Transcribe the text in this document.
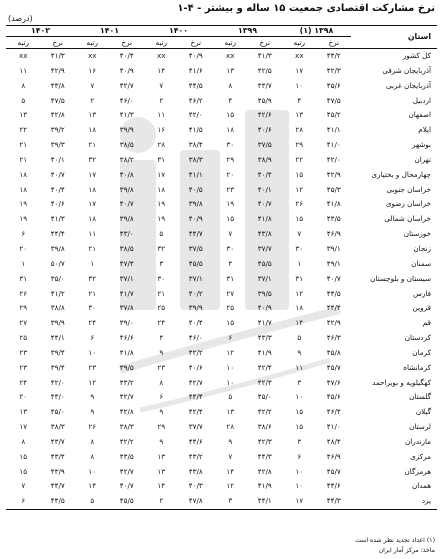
۱-۴ - نرخ مشارکت اقتصادی جمعیت ۱۵ ساله و بیشتر
(درصد)
استان	۱۳۹۸ (۱)		۱۳۹۹		۱۴۰۰		۱۴۰۱		۱۴۰۲	
	نرخ	رتبه	نرخ	رتبه	نرخ	رتبه	نرخ	رتبه	نرخ	رتبه
کل کشور	۴۴/۲	xx	۴۱/۳	xx	۴۰/۹	xx	۴۰/۴	xx	۴۱/۳	xx
آذربایجان شرقی	۴۲/۳	۱۷	۴۲/۵	۱۳	۴۱/۶	۱۴	۴۰/۹	۱۶	۴۲/۹	۱۱
آذربایجان غربی	۴۵/۶	۱۰	۴۳/۷	۸	۴۴/۵	۷	۴۲/۷	۷	۴۳/۸	۸
اردبیل	۴۷/۵	۴	۴۵/۹	۴	۴۶/۲	۲	۴۶/۰	۲	۴۷/۵	۵
اصفهان	۴۵/۲	۱۳	۴۲/۶	۱۵	۴۲/۰	۱۱	۴۱/۳	۱۳	۴۲/۸	۱۳
ایلام	۴۱/۱	۲۸	۴۰/۶	۱۸	۴۱/۵	۱۶	۳۹/۹	۱۸	۳۹/۲	۲۲
بوشهر	۴۱/۰	۲۹	۳۷/۵	۳۰	۳۸/۴	۲۸	۳۸/۵	۲۱	۳۹/۳	۲۱
تهران	۴۲/۰	۲۲	۳۸/۹	۲۹	۳۸/۳	۳۱	۳۸/۲	۳۲	۴۰/۱	۲۱
چهارمحال و بختیاری	۴۲/۹	۱۵	۴۰/۴	۲۰	۴۱/۱	۱۷	۴۰/۸	۱۷	۴۰/۷	۱۸
خراسان جنوبی	۴۵/۳	۱۲	۴۰/۱	۲۳	۴۰/۵	۱۸	۳۹/۸	۱۸	۴۰/۴	۱۸
خراسان رضوی	۴۱/۸	۲۶	۴۰/۷	۱۹	۳۹/۸	۱۹	۴۰/۷	۱۷	۴۰/۶	۱۹
خراسان شمالی	۴۳/۵	۱۵	۴۱/۸	۱۵	۴۰/۹	۱۹	۳۹/۸	۱۸	۴۱/۳	۱۹
خوزستان	۴۶/۹	۷	۴۳/۸	۷	۴۴/۷	۵	۴۳/۰	۱۱	۴۴/۴	۶
زنجان	۳۹/۱	۳۰	۳۷/۷	۳۰	۳۷/۵	۳۲	۳۸/۵	۲۱	۳۹/۸	۲۰
سمنان	۴۹/۱	۱	۴۵/۵	۴	۴۵/۵	۳	۴۷/۴	۱	۵۰/۷	۱
سیستان و بلوچستان	۴۰/۷	۳۱	۳۷/۱	۳۱	۳۷/۱	۳۰	۳۷/۱	۳۲	۳۵/۰	۳۱
فارس	۴۴/۵	۱۲	۳۹/۵	۲۷	۴۰/۲	۲۱	۴۱/۷	۲۱	۴۱/۲	۲۶
قزوین	۴۴/۴	۱۸	۴۰/۹	۲۵	۳۹/۹	۲۵	۳۷/۸	۳۰	۳۸/۸	۲۹
قم	۴۲/۹	۱۴	۴۱/۷	۱۵	۴۰/۴	۲۴	۳۹/۰	۲۴	۳۹/۹	۲۷
کردستان	۴۶/۳	۵	۴۳/۳	۶	۴۶/۰	۴	۴۶/۶	۶	۴۴/۱	۲۵
کرمان	۴۵/۸	۹	۴۱/۹	۱۲	۴۲/۲	۹	۴۱/۸	۱۰	۳۹/۴	۲۳
کرمانشاه	۴۵/۷	۱۱	۴۲/۴	۱۰	۴۰/۶	۲۳	۳۹/۵	۲۳	۳۹/۴	۲۳
کهگیلویه و بویراحمد	۴۷/۶	۳	۴۲/۳	۱۰	۴۲/۷	۸	۴۳/۲	۱۲	۴۲/۰	۲۴
گلستان	۴۵/۶	۱۰	۴۵/۰	۵	۴۴/۴	۶	۴۲/۷	۹	۴۳/۰	۲۰
گیلان	۴۶/۴	۱۵	۴۲/۲	۱۳	۴۲/۴	۹	۴۲/۸	۹	۴۵/۰	۱۳
لرستان	۴۱/۰	۱۵	۳۸/۶	۲۸	۳۷/۷	۲۹	۳۸/۳	۲۶	۳۸/۳	۱۷
مازندران	۴۸/۴	۳	۴۲/۳	۹	۴۴/۶	۹	۴۲/۲	۸	۴۳/۷	۸
مرکزی	۴۶/۹	۶	۴۴/۳	۷	۴۳/۲	۱۳	۴۳/۵	۸	۴۳/۴	۱۵
هرمزگان	۴۵/۷	۱۰	۴۲/۸	۱۴	۴۳/۸	۱۳	۴۲/۷	۱۰	۴۳/۹	۱۵
همدان	۴۴/۶	۱۰	۴۱/۹	۱۲	۴۰/۳	۱۴	۴۰/۷	۱۴	۴۴/۷	۷
یزد	۴۴/۳	۱۷	۴۴/۱	۳	۴۷/۸	۲	۴۵/۵	۵	۴۴/۵	۶
(۱) اعداد تجدید نظر شده است
ماخذ: مرکز آمار ایران
